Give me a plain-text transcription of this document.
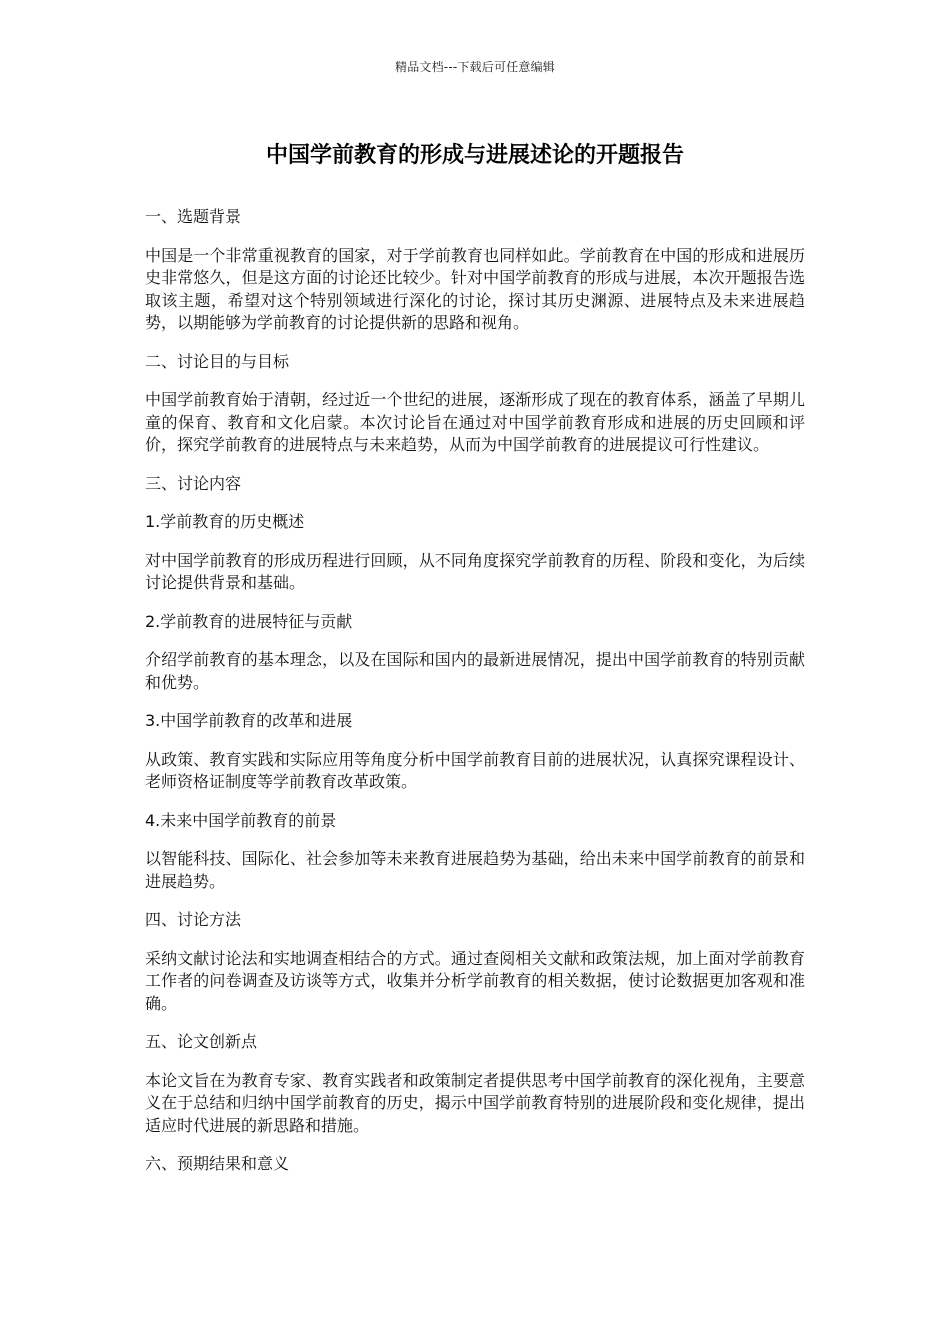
精品文档---下载后可任意编辑
中国学前教育的形成与进展述论的开题报告
一、选题背景
中国是一个非常重视教育的国家，对于学前教育也同样如此。学前教育在中国的形成和进展历史非常悠久，但是这方面的讨论还比较少。针对中国学前教育的形成与进展，本次开题报告选取该主题，希望对这个特别领域进行深化的讨论，探讨其历史渊源、进展特点及未来进展趋势，以期能够为学前教育的讨论提供新的思路和视角。
二、讨论目的与目标
中国学前教育始于清朝，经过近一个世纪的进展，逐渐形成了现在的教育体系，涵盖了早期儿童的保育、教育和文化启蒙。本次讨论旨在通过对中国学前教育形成和进展的历史回顾和评价，探究学前教育的进展特点与未来趋势，从而为中国学前教育的进展提议可行性建议。
三、讨论内容
1.学前教育的历史概述
对中国学前教育的形成历程进行回顾，从不同角度探究学前教育的历程、阶段和变化，为后续讨论提供背景和基础。
2.学前教育的进展特征与贡献
介绍学前教育的基本理念，以及在国际和国内的最新进展情况，提出中国学前教育的特别贡献和优势。
3.中国学前教育的改革和进展
从政策、教育实践和实际应用等角度分析中国学前教育目前的进展状况，认真探究课程设计、老师资格证制度等学前教育改革政策。
4.未来中国学前教育的前景
以智能科技、国际化、社会参加等未来教育进展趋势为基础，给出未来中国学前教育的前景和进展趋势。
四、讨论方法
采纳文献讨论法和实地调查相结合的方式。通过查阅相关文献和政策法规，加上面对学前教育工作者的问卷调查及访谈等方式，收集并分析学前教育的相关数据，使讨论数据更加客观和准确。
五、论文创新点
本论文旨在为教育专家、教育实践者和政策制定者提供思考中国学前教育的深化视角，主要意义在于总结和归纳中国学前教育的历史，揭示中国学前教育特别的进展阶段和变化规律，提出适应时代进展的新思路和措施。
六、预期结果和意义
